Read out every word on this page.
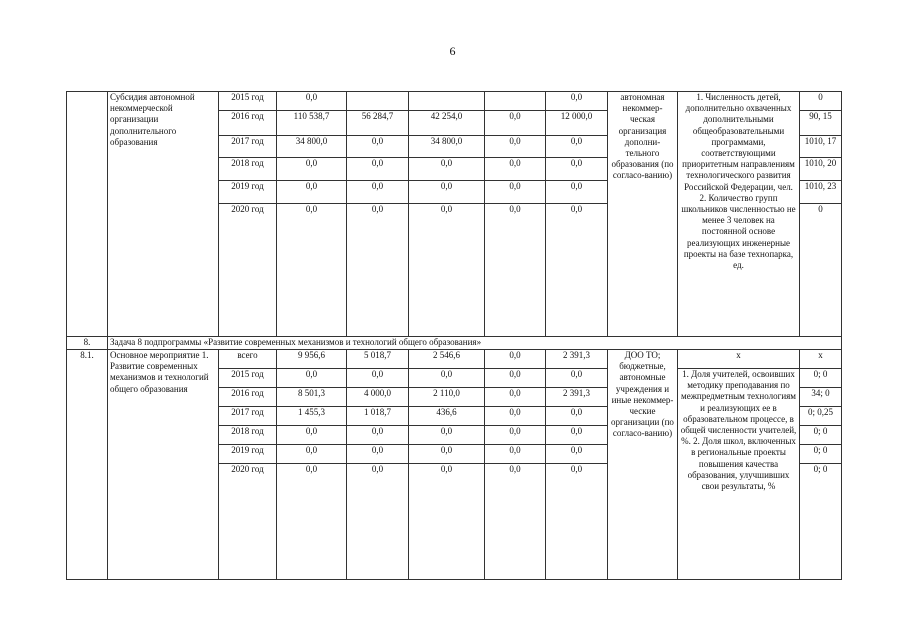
6
	Субсидия автономной некоммерческой организации дополнительного образования	2015 год	0,0				0,0	автономная некоммер-ческая организация дополни-тельного образования (по согласо-ванию)	1. Численность детей, дополнительно охваченных дополнительными общеобразовательными программами, соответствующими приоритетным направлениям технологического развития Российской Федерации, чел. 2. Количество групп школьников численностью не менее 3 человек на постоянной основе реализующих инженерные проекты на базе технопарка, ед.	0
		2016 год	110 538,7	56 284,7	42 254,0	0,0	12 000,0			90, 15
		2017 год	34 800,0	0,0	34 800,0	0,0	0,0			1010, 17
		2018 год	0,0	0,0	0,0	0,0	0,0			1010, 20
		2019 год	0,0	0,0	0,0	0,0	0,0			1010, 23
		2020 год	0,0	0,0	0,0	0,0	0,0			0
8.	Задача 8 подпрограммы «Развитие современных механизмов и технологий общего образования»									
8.1.	Основное мероприятие 1. Развитие современных механизмов и технологий общего образования	всего	9 956,6	5 018,7	2 546,6	0,0	2 391,3	ДОО ТО; бюджетные, автономные учреждения и иные некоммер-ческие организации (по согласо-ванию)	х	х
		2015 год	0,0	0,0	0,0	0,0	0,0		1. Доля учителей, освоивших методику преподавания по межпредметным технологиям и реализующих ее в образовательном процессе, в общей численности учителей, %. 2. Доля школ, включенных в региональные проекты повышения качества образования, улучшивших свои результаты, %	0; 0
		2016 год	8 501,3	4 000,0	2 110,0	0,0	2 391,3			34; 0
		2017 год	1 455,3	1 018,7	436,6	0,0	0,0			0; 0,25
		2018 год	0,0	0,0	0,0	0,0	0,0			0; 0
		2019 год	0,0	0,0	0,0	0,0	0,0			0; 0
		2020 год	0,0	0,0	0,0	0,0	0,0			0; 0
